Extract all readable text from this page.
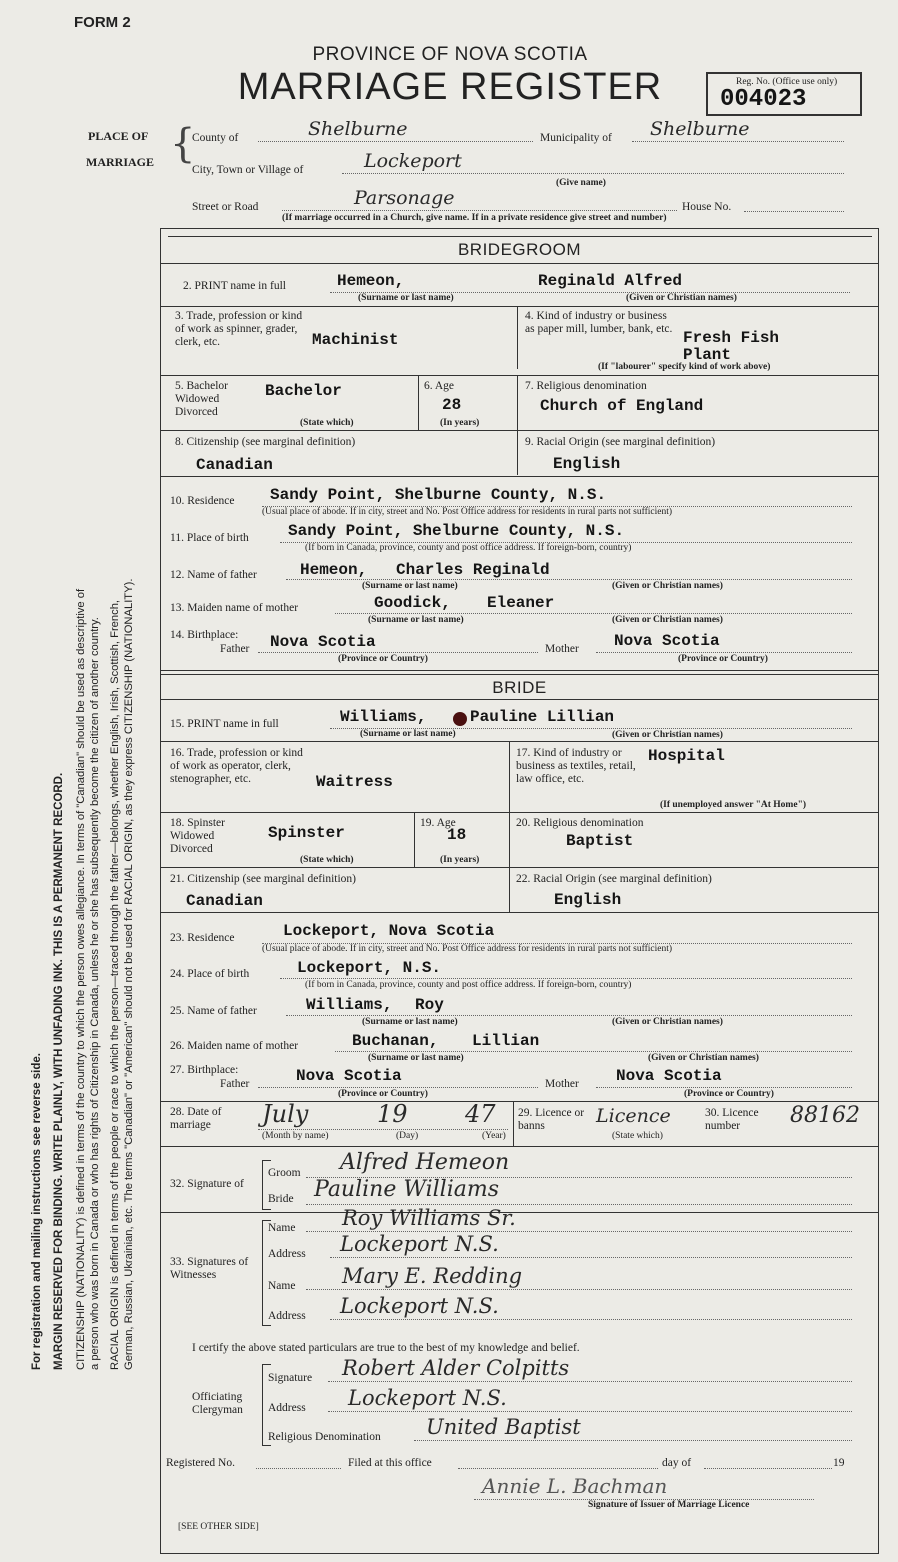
FORM 2
PROVINCE OF NOVA SCOTIA
MARRIAGE REGISTER	Reg. No. (Office use only)
004023
PLACE OF
MARRIAGE {
County of	Shelburne	Municipality of	Shelburne
City, Town or Village of	Lockeport
(Give name)
Street or Road	Parsonage	House No.
(If marriage occurred in a Church, give name. If in a private residence give street and number)
For registration and mailing instructions see reverse side. MARGIN RESERVED FOR BINDING. WRITE PLAINLY, WITH UNFADING INK. THIS IS A PERMANENT RECORD. CITIZENSHIP (NATIONALITY) is defined in terms of the country to which the person owes allegiance. In terms of "Canadian" should be used as descriptive of a person who was born in Canada or who has rights of Citizenship in Canada, unless he or she has subsequently become the citizen of another country. RACIAL ORIGIN is defined in terms of the people or race to which the person—traced through the father—belongs, whether English, Irish, Scottish, French, German, Russian, Ukrainian, etc. The terms "Canadian" or "American" should not be used for RACIAL ORIGIN, as they express CITIZENSHIP (NATIONALITY).
BRIDEGROOM
2. PRINT name in full	Hemeon,	Reginald Alfred
(Surname or last name)	(Given or Christian names)
3. Trade, profession or kind of work as spinner, grader, clerk, etc.	Machinist
4. Kind of industry or business as paper mill, lumber, bank, etc. Fresh Fish
Plant
(If "labourer" specify kind of work above)
5. Bachelor Widowed Divorced
Bachelor
(State which)
6. Age
28
(In years)
7. Religious denomination
Church of England
8. Citizenship (see marginal definition)
Canadian
9. Racial Origin (see marginal definition)
English
10. Residence Sandy Point, Shelburne County, N.S.
(Usual place of abode. If in city, street and No. Post Office address for residents in rural parts not sufficient)
11. Place of birth Sandy Point, Shelburne County, N.S.
(If born in Canada, province, county and post office address. If foreign-born, country)
12. Name of father	Hemeon, Charles Reginald
(Surname or last name)	(Given or Christian names)
13. Maiden name of mother	Goodick, Eleaner
(Surname or last name)	(Given or Christian names)
14. Birthplace:
Father Nova Scotia
(Province or Country)
Mother Nova Scotia
(Province or Country)
BRIDE
15. PRINT name in full	Williams,	Pauline Lillian
(Surname or last name)	(Given or Christian names)
16. Trade, profession or kind of work as operator, clerk, stenographer, etc.	Waitress
17. Kind of industry or business as textiles, retail, law office, etc.
Hospital
(If unemployed answer "At Home")
18. Spinster Widowed Divorced
Spinster
(State which)
19. Age
18
(In years)
20. Religious denomination
Baptist
21. Citizenship (see marginal definition)
Canadian
22. Racial Origin (see marginal definition)
English
23. Residence	Lockeport, Nova Scotia
(Usual place of abode. If in city, street and No. Post Office address for residents in rural parts not sufficient)
24. Place of birth	Lockeport, N.S.
(If born in Canada, province, county and post office address. If foreign-born, country)
25. Name of father	Williams, Roy
(Surname or last name)	(Given or Christian names)
26. Maiden name of mother	Buchanan, Lillian
(Surname or last name)	(Given or Christian names)
27. Birthplace:
Father	Nova Scotia
(Province or Country)
Mother Nova Scotia
(Province or Country)
28. Date of marriage	July	19 47
(Month by name)	(Day)	(Year)
29. Licence or banns	Licence
(State which)
30. Licence number	88162
32. Signature of
Groom	Alfred Hemeon
Bride Pauline Williams
33. Signatures of Witnesses
Name	Roy Williams Sr.
Address	Lockeport N.S.
Name	Mary E. Redding
Address	Lockeport N.S.
I certify the above stated particulars are true to the best of my knowledge and belief.
Officiating Clergyman
Signature	Robert Alder Colpitts
Address	Lockeport N.S.
Religious Denomination	United Baptist
Registered No.	Filed at this office	day of	19
Annie L. Bachman
Signature of Issuer of Marriage Licence
[SEE OTHER SIDE]
